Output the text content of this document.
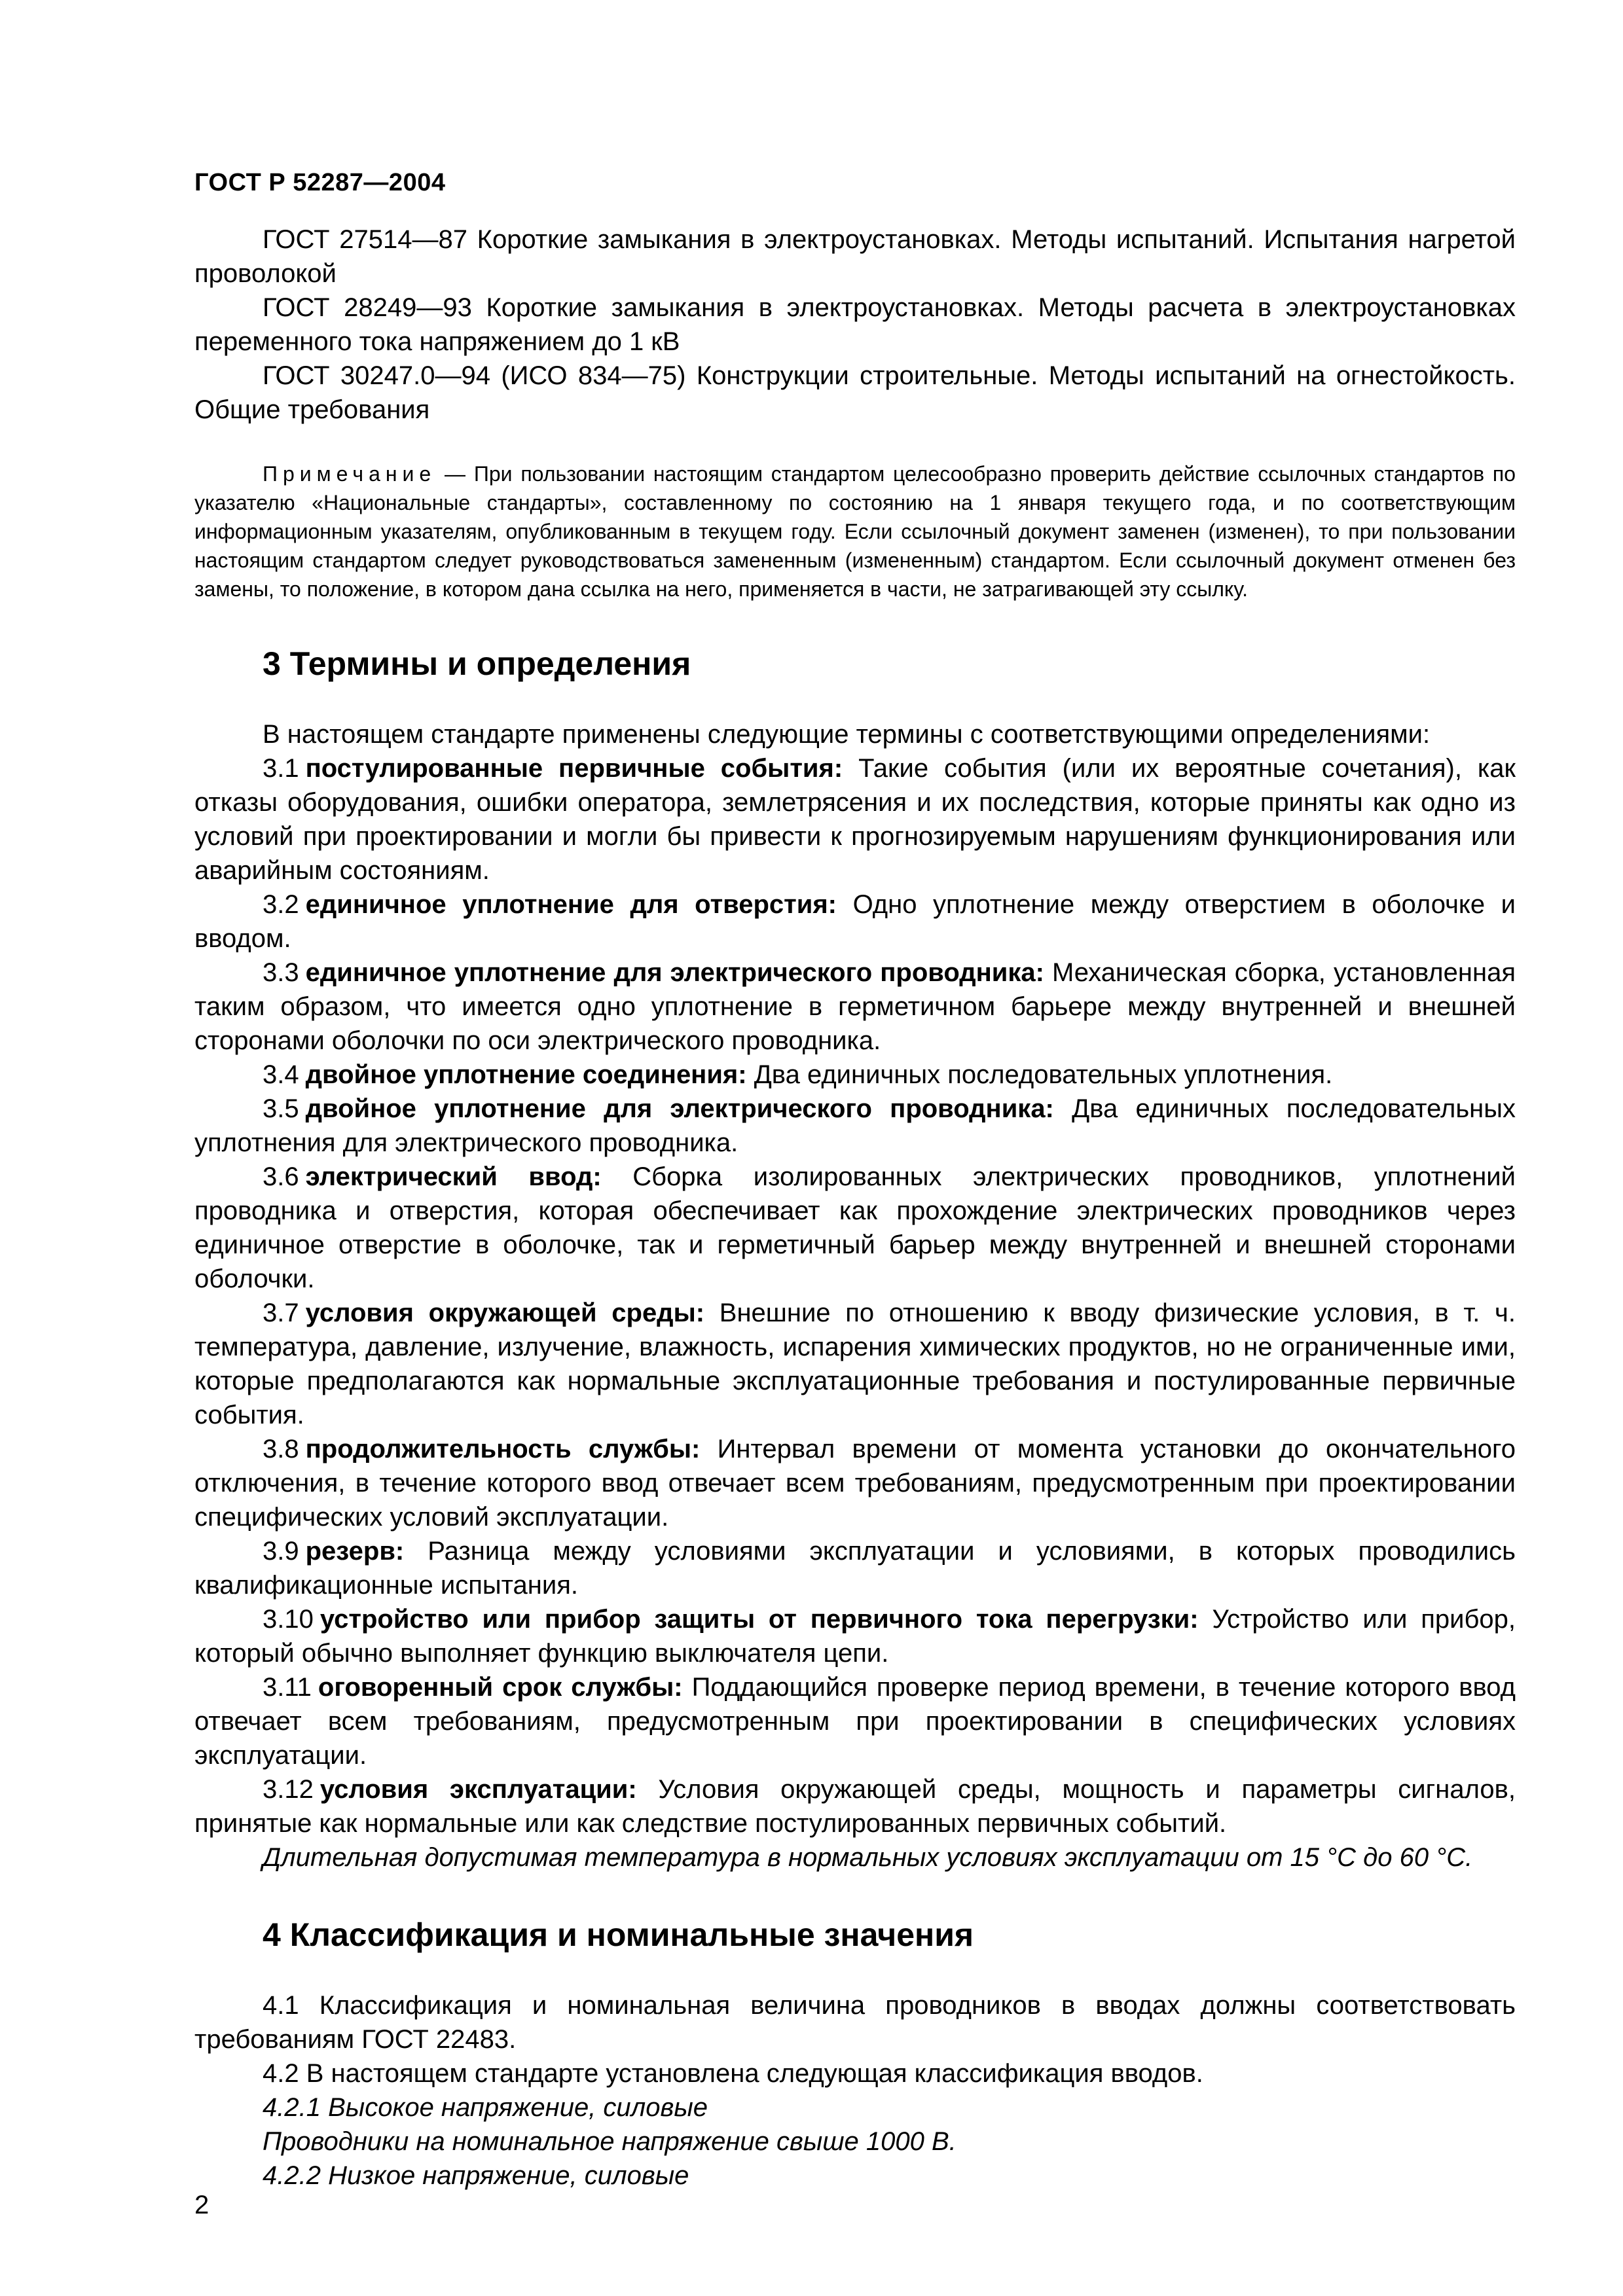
ГОСТ Р 52287—2004

ГОСТ 27514—87 Короткие замыкания в электроустановках. Методы испытаний. Испытания нагретой проволокой

ГОСТ 28249—93 Короткие замыкания в электроустановках. Методы расчета в электроустановках переменного тока напряжением до 1 кВ

ГОСТ 30247.0—94 (ИСО 834—75) Конструкции строительные. Методы испытаний на огнестойкость. Общие требования

Примечание — При пользовании настоящим стандартом целесообразно проверить действие ссылочных стандартов по указателю «Национальные стандарты», составленному по состоянию на 1 января текущего года, и по соответствующим информационным указателям, опубликованным в текущем году. Если ссылочный документ заменен (изменен), то при пользовании настоящим стандартом следует руководствоваться замененным (измененным) стандартом. Если ссылочный документ отменен без замены, то положение, в котором дана ссылка на него, применяется в части, не затрагивающей эту ссылку.

3 Термины и определения

В настоящем стандарте применены следующие термины с соответствующими определениями:

3.1 постулированные первичные события: Такие события (или их вероятные сочетания), как отказы оборудования, ошибки оператора, землетрясения и их последствия, которые приняты как одно из условий при проектировании и могли бы привести к прогнозируемым нарушениям функционирования или аварийным состояниям.

3.2 единичное уплотнение для отверстия: Одно уплотнение между отверстием в оболочке и вводом.

3.3 единичное уплотнение для электрического проводника: Механическая сборка, установленная таким образом, что имеется одно уплотнение в герметичном барьере между внутренней и внешней сторонами оболочки по оси электрического проводника.

3.4 двойное уплотнение соединения: Два единичных последовательных уплотнения.

3.5 двойное уплотнение для электрического проводника: Два единичных последовательных уплотнения для электрического проводника.

3.6 электрический ввод: Сборка изолированных электрических проводников, уплотнений проводника и отверстия, которая обеспечивает как прохождение электрических проводников через единичное отверстие в оболочке, так и герметичный барьер между внутренней и внешней сторонами оболочки.

3.7 условия окружающей среды: Внешние по отношению к вводу физические условия, в т. ч. температура, давление, излучение, влажность, испарения химических продуктов, но не ограниченные ими, которые предполагаются как нормальные эксплуатационные требования и постулированные первичные события.

3.8 продолжительность службы: Интервал времени от момента установки до окончательного отключения, в течение которого ввод отвечает всем требованиям, предусмотренным при проектировании специфических условий эксплуатации.

3.9 резерв: Разница между условиями эксплуатации и условиями, в которых проводились квалификационные испытания.

3.10 устройство или прибор защиты от первичного тока перегрузки: Устройство или прибор, который обычно выполняет функцию выключателя цепи.

3.11 оговоренный срок службы: Поддающийся проверке период времени, в течение которого ввод отвечает всем требованиям, предусмотренным при проектировании в специфических условиях эксплуатации.

3.12 условия эксплуатации: Условия окружающей среды, мощность и параметры сигналов, принятые как нормальные или как следствие постулированных первичных событий.

Длительная допустимая температура в нормальных условиях эксплуатации от 15 °С до 60 °С.

4 Классификация и номинальные значения

4.1 Классификация и номинальная величина проводников в вводах должны соответствовать требованиям ГОСТ 22483.

4.2 В настоящем стандарте установлена следующая классификация вводов.

4.2.1 Высокое напряжение, силовые

Проводники на номинальное напряжение свыше 1000 В.

4.2.2 Низкое напряжение, силовые

2
